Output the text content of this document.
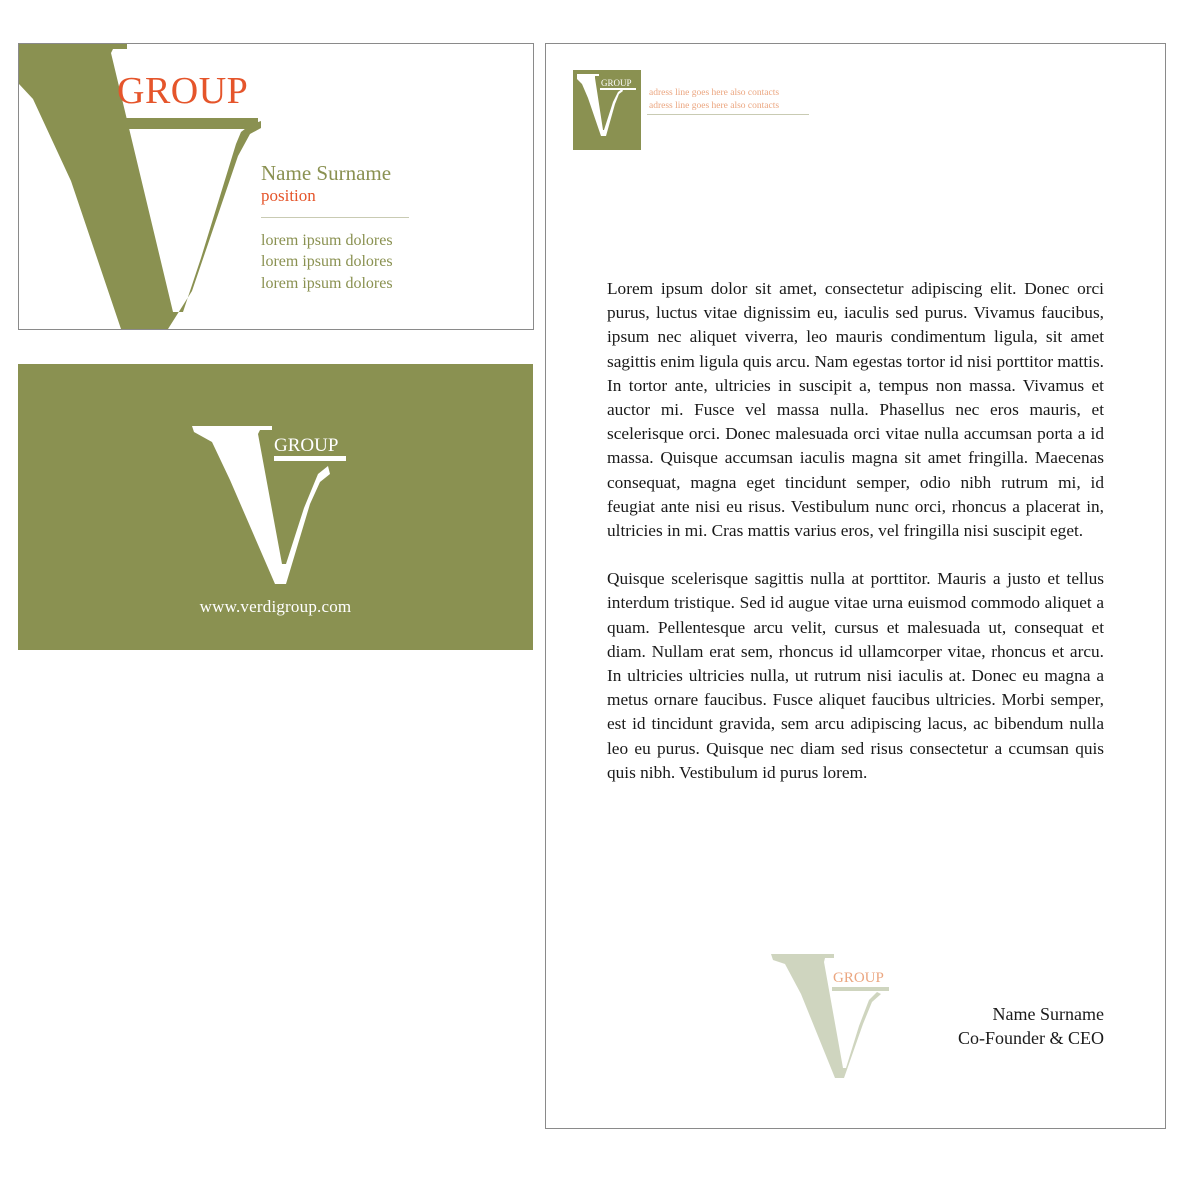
GROUP
Name Surname
position
lorem ipsum dolores
lorem ipsum dolores
lorem ipsum dolores
GROUP
www.verdigroup.com
GROUP
adress line goes here also contacts
adress line goes here also contacts

Lorem ipsum dolor sit amet, consectetur adipiscing elit. Donec orci purus, luctus vitae dignissim eu, iaculis sed purus. Vivamus faucibus, ipsum nec aliquet viverra, leo mauris condimentum ligula, sit amet sagittis enim ligula quis arcu. Nam egestas tortor id nisi porttitor mattis. In tortor ante, ultricies in suscipit a, tempus non massa. Vivamus et auctor mi. Fusce vel massa nulla. Phasellus nec eros mauris, et scelerisque orci. Donec malesuada orci vitae nulla accumsan porta a id massa. Quisque accumsan iaculis magna sit amet fringilla. Maecenas consequat, magna eget tincidunt semper, odio nibh rutrum mi, id feugiat ante nisi eu risus. Vestibulum nunc orci, rhoncus a placerat in, ultricies in mi. Cras mattis varius eros, vel fringilla nisi suscipit eget.

Quisque scelerisque sagittis nulla at porttitor. Mauris a justo et tellus interdum tristique. Sed id augue vitae urna euismod commodo aliquet a quam. Pellentesque arcu velit, cursus et malesuada ut, consequat et diam. Nullam erat sem, rhoncus id ullamcorper vitae, rhoncus et arcu. In ultricies ultricies nulla, ut rutrum nisi iaculis at. Donec eu magna a metus ornare faucibus. Fusce aliquet faucibus ultricies. Morbi semper, est id tincidunt gravida, sem arcu adipiscing lacus, ac bibendum nulla leo eu purus. Quisque nec diam sed risus consectetur a ccumsan quis quis nibh. Vestibulum id purus lorem.

GROUP
Name Surname
Co-Founder & CEO
